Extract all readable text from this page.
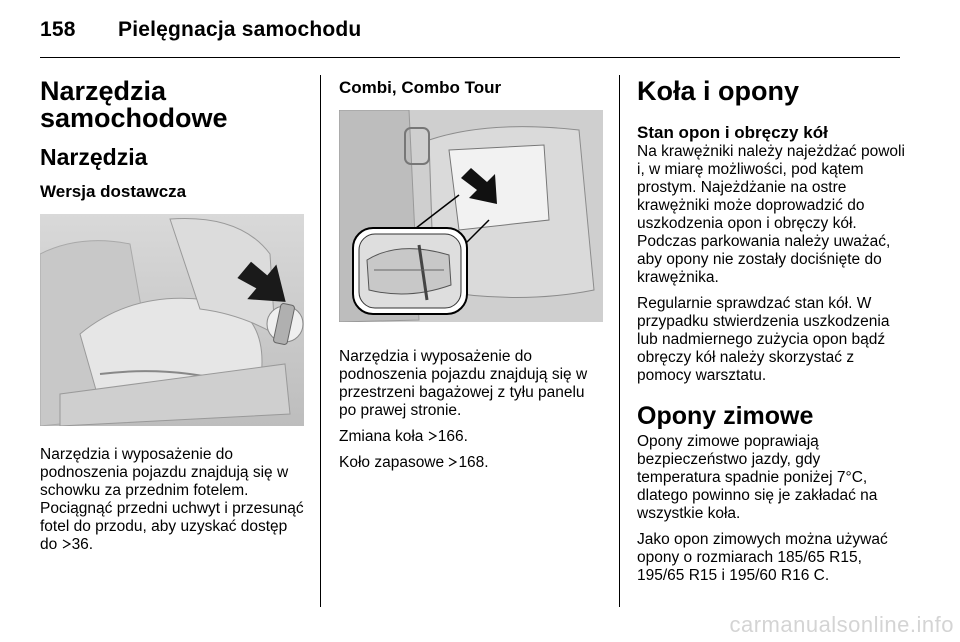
158 Pielęgnacja samochodu
Narzędzia
samochodowe
Narzędzia
Wersja dostawcza

Narzędzia i wyposażenie do podnoszenia pojazdu znajdują się w schowku za przednim fotelem. Pociągnąć przedni uchwyt i przesunąć fotel do przodu, aby uzyskać dostęp do 36.

Combi, Combo Tour

Narzędzia i wyposażenie do podnoszenia pojazdu znajdują się w przestrzeni bagażowej z tyłu panelu po prawej stronie.

Zmiana koła 166.

Koło zapasowe 168.

Koła i opony
Stan opon i obręczy kół

Na krawężniki należy najeżdżać powoli i, w miarę możliwości, pod kątem prostym. Najeżdżanie na ostre krawężniki może doprowadzić do uszkodzenia opon i obręczy kół. Podczas parkowania należy uważać, aby opony nie zostały dociśnięte do krawężnika.

Regularnie sprawdzać stan kół. W przypadku stwierdzenia uszkodzenia lub nadmiernego zużycia opon bądź obręczy kół należy skorzystać z pomocy warsztatu.

Opony zimowe

Opony zimowe poprawiają bezpieczeństwo jazdy, gdy temperatura spadnie poniżej 7°C, dlatego powinno się je zakładać na wszystkie koła.

Jako opon zimowych można używać opony o rozmiarach 185/65 R15, 195/65 R15 i 195/60 R16 C.

carmanualsonline.info
